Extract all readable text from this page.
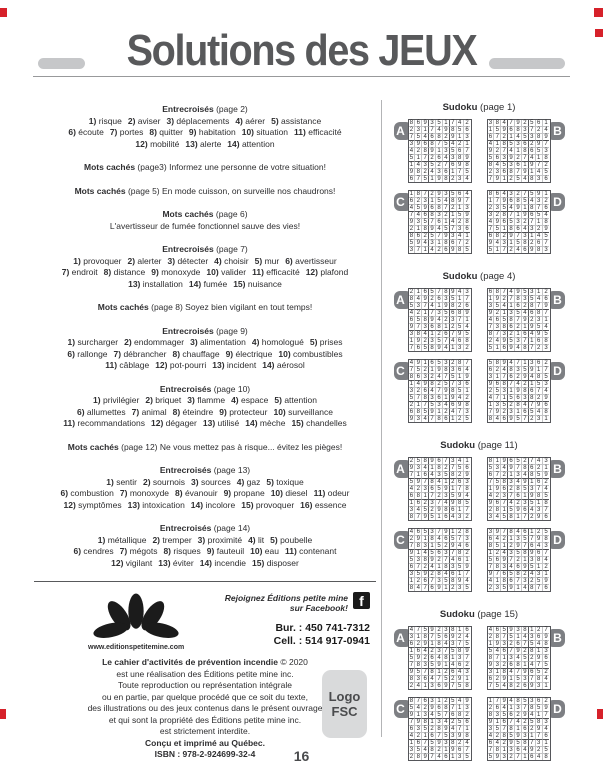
Solutions des JEUX
Entrecroisés (page 2)
1) risque 2) aviser 3) déplacements 4) aérer 5) assistance
6) écoute 7) portes 8) quitter 9) habitation 10) situation 11) efficacité
12) mobilité 13) alerte 14) attention
Mots cachés (page3) Informez une personne de votre situation!
Mots cachés (page 5) En mode cuisson, on surveille nos chaudrons!
Mots cachés (page 6)
L'avertisseur de fumée fonctionnel sauve des vies!
Entrecroisés (page 7)
1) provoquer 2) alerter 3) détecter 4) choisir 5) mur 6) avertisseur
7) endroit 8) distance 9) monoxyde 10) valider 11) efficacité 12) plafond
13) installation 14) fumée 15) nuisance
Mots cachés (page 8) Soyez bien vigilant en tout temps!
Entrecroisés (page 9)
1) surcharger 2) endommager 3) alimentation 4) homologué 5) prises
6) rallonge 7) débrancher 8) chauffage 9) électrique 10) combustibles
11) câblage 12) pot-pourri 13) incident 14) aérosol
Entrecroisés (page 10)
1) privilégier 2) briquet 3) flamme 4) espace 5) attention
6) allumettes 7) animal 8) éteindre 9) protecteur 10) surveillance
11) recommandations 12) dégager 13) utilisé 14) mèche 15) chandelles
Mots cachés (page 12) Ne vous mettez pas à risque... évitez les pièges!
Entrecroisés (page 13)
1) sentir 2) sournois 3) sources 4) gaz 5) toxique
6) combustion 7) monoxyde 8) évanouir 9) propane 10) diesel 11) odeur
12) symptômes 13) intoxication 14) incolore 15) provoquer 16) essence
Entrecroisés (page 14)
1) métallique 2) tremper 3) proximité 4) lit 5) poubelle
6) cendres 7) mégots 8) risques 9) fauteuil 10) eau 11) contenant
12) vigilant 13) éviter 14) incendie 15) disposer
www.editionspetitemine.com
Rejoignez Éditions petite mine
sur Facebook! f
Bur. : 450 741-7312
Cell. : 514 917-0941
Le cahier d'activités de prévention incendie © 2020
est une réalisation des Éditions petite mine inc.
Toute reproduction ou représentation intégrale
ou en partie, par quelque procédé que ce soit du texte,
des illustrations ou des jeux contenus dans le présent ouvrage
et qui sont la propriété des Éditions petite mine inc.
est strictement interdite.
Conçu et imprimé au Québec.
ISBN : 978-2-924699-32-4
Sudoku (page 1)
A
8 6 9 3 5 1 7 4 2
2 3 1 7 4 9 8 5 6
7 5 4 6 8 2 9 1 3
3 9 6 8 7 5 4 2 1
4 2 8 9 1 3 5 6 7
5 1 7 2 6 4 3 8 9
1 4 3 5 2 7 6 9 8
9 8 2 4 3 6 1 7 5
6 7 5 1 9 8 2 3 4
B
3 8 4 7 9 2 5 6 1
1 5 9 6 8 3 7 2 4
6 7 2 1 4 5 3 8 9
4 1 8 5 3 6 2 9 7
9 2 7 4 1 8 6 5 3
5 6 3 9 2 7 4 1 8
8 4 5 3 6 1 9 7 2
2 3 6 8 7 9 1 4 5
7 9 1 2 5 4 8 3 6
C
1 8 7 2 9 3 5 6 4
6 2 3 1 5 4 8 9 7
4 5 9 6 8 7 2 1 3
7 4 6 8 3 2 1 5 9
9 3 5 7 6 1 4 2 8
2 1 8 9 4 5 7 3 6
8 6 2 5 7 9 3 4 1
5 9 4 3 1 8 6 7 2
3 7 1 4 2 6 9 8 5
D
8 6 4 3 2 7 5 9 1
1 7 9 6 8 5 4 3 2
2 3 5 4 9 1 8 7 6
3 2 8 7 1 9 6 5 4
4 9 6 5 3 2 7 1 8
7 5 1 8 6 4 3 2 9
6 8 2 9 7 3 1 4 5
9 4 3 1 5 8 2 6 7
5 1 7 2 4 6 9 8 3
Sudoku (page 4)
A
2 1 6 5 7 8 9 4 3
8 4 9 2 6 3 5 1 7
5 3 7 4 1 9 8 2 6
4 2 1 7 3 5 6 8 9
6 5 8 9 4 2 3 7 1
9 7 3 6 8 1 2 5 4
3 8 4 1 2 6 7 9 5
1 9 2 3 5 7 4 6 8
7 6 5 8 9 4 1 3 2
B
6 8 7 4 9 5 3 1 2
1 9 2 7 8 3 5 4 6
3 5 4 1 6 2 8 7 9
9 2 1 3 5 4 6 8 7
4 6 5 8 7 9 2 3 1
7 3 8 6 2 1 9 5 4
8 7 3 2 1 6 4 9 5
2 4 9 5 3 7 1 6 8
5 1 6 9 4 8 7 2 3
C
4 9 1 6 5 3 2 8 7
7 5 2 1 9 8 3 6 4
8 6 3 2 4 7 5 1 9
1 4 9 8 2 5 7 3 6
3 2 6 4 7 9 8 5 1
5 7 8 3 6 1 9 4 2
2 1 7 5 3 4 6 9 8
6 8 5 9 1 2 4 7 3
9 3 4 7 8 6 1 2 5
D
5 8 9 4 7 1 3 6 2
6 2 4 8 3 5 9 1 7
3 1 7 6 2 9 4 8 5
9 6 8 7 4 2 1 5 3
2 5 3 1 9 8 6 7 4
4 7 1 5 6 3 8 2 9
1 3 5 2 8 4 7 9 6
7 9 2 3 1 6 5 4 8
8 4 6 9 5 7 2 3 1
Sudoku (page 11)
A
2 5 8 9 6 7 3 4 1
9 3 4 1 8 2 7 5 6
7 1 6 4 3 5 8 2 9
5 9 7 8 4 1 2 6 3
4 2 3 6 5 9 1 7 8
6 8 1 7 2 3 5 9 4
1 6 2 3 7 4 9 8 5
3 4 5 2 9 8 6 1 7
8 7 9 5 1 6 4 3 2
B
8 1 9 6 5 2 7 4 3
5 3 4 9 7 8 6 2 1
6 7 2 1 3 4 8 5 9
7 5 8 3 4 9 1 6 2
1 9 6 2 8 5 3 7 4
4 2 3 7 6 1 9 8 5
9 6 7 4 2 3 5 1 8
2 8 1 5 9 6 4 3 7
3 4 5 8 1 7 2 9 6
C
4 6 5 3 7 9 1 2 8
2 9 1 8 4 6 5 7 3
7 8 3 1 5 2 9 4 6
9 1 4 5 6 3 7 8 2
5 3 8 9 2 7 4 6 1
6 7 2 4 1 8 3 5 9
3 5 9 2 8 4 6 1 7
1 2 6 7 3 5 8 9 4
8 4 7 6 9 1 2 3 5
D
3 9 7 8 4 6 1 2 5
6 4 2 1 3 5 7 9 8
8 5 1 2 9 7 6 4 3
1 2 4 3 5 8 9 6 7
5 6 9 7 2 1 3 8 4
7 8 3 4 6 9 5 1 2
9 7 6 5 8 2 4 3 1
4 1 8 6 7 3 2 5 9
2 3 5 9 1 4 8 7 6
Sudoku (page 15)
A
4 7 5 9 2 3 8 1 6
3 1 8 7 5 6 9 2 4
6 2 9 1 8 4 3 7 5
1 6 4 2 3 7 5 8 9
5 9 2 6 4 8 1 3 7
7 8 3 5 9 1 4 6 2
9 5 7 8 1 2 6 4 3
8 3 6 4 7 5 2 9 1
2 4 1 3 6 9 7 5 8
B
4 6 5 9 3 8 1 2 7
2 8 7 5 1 4 3 6 9
1 9 3 2 6 7 5 4 8
5 4 6 7 9 2 8 1 3
8 7 1 3 4 5 2 9 6
9 3 2 6 8 1 4 7 5
3 1 8 4 7 9 6 5 2
6 2 9 1 5 3 7 8 4
7 5 4 8 2 6 9 3 1
C
8 7 6 3 1 2 5 4 9
5 4 2 9 6 8 7 1 3
9 1 3 4 5 7 6 8 2
7 9 8 1 3 4 2 5 6
6 3 5 2 8 9 4 7 1
4 2 1 6 7 5 3 9 8
1 6 7 5 9 3 8 2 4
3 5 4 8 2 1 9 6 7
2 8 9 7 4 6 1 3 5
D
1 7 9 4 8 5 3 6 2
2 6 4 1 3 7 8 5 9
8 3 5 6 2 9 4 1 7
9 1 6 7 4 2 5 8 3
3 5 7 8 1 6 2 9 4
4 2 8 5 9 3 1 7 6
6 4 2 9 5 8 7 3 1
7 8 1 3 6 4 9 2 5
5 9 3 2 7 1 6 4 8
Logo
FSC
16
